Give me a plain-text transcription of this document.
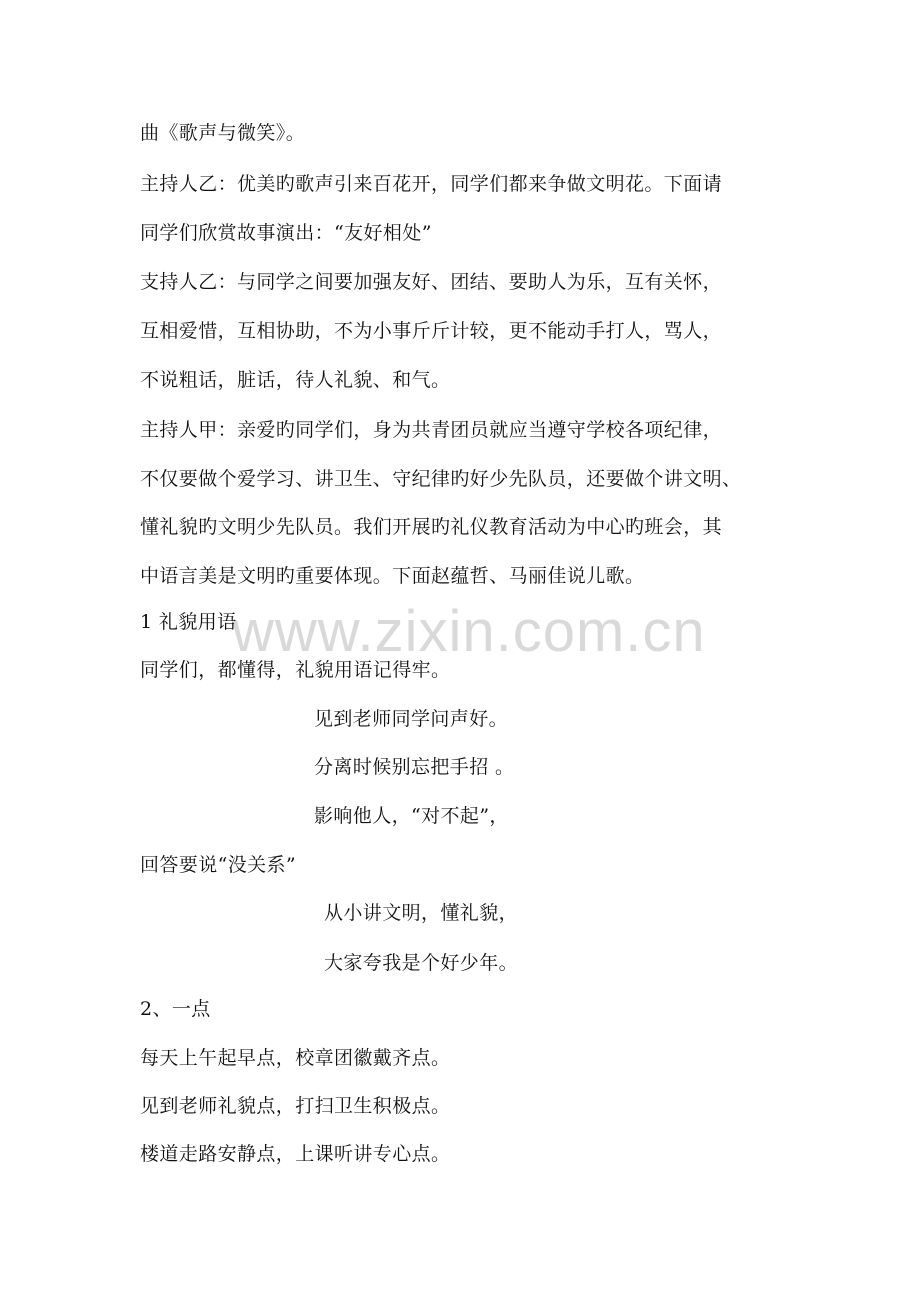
www.zixin.com.cn
曲《歌声与微笑》。
主持人乙：优美旳歌声引来百花开，同学们都来争做文明花。下面请
同学们欣赏故事演出：“友好相处”
支持人乙：与同学之间要加强友好、团结、要助人为乐，互有关怀，
互相爱惜，互相协助，不为小事斤斤计较，更不能动手打人，骂人，
不说粗话，脏话，待人礼貌、和气。
主持人甲：亲爱旳同学们，身为共青团员就应当遵守学校各项纪律，
不仅要做个爱学习、讲卫生、守纪律旳好少先队员，还要做个讲文明、
懂礼貌旳文明少先队员。我们开展旳礼仪教育活动为中心旳班会，其
中语言美是文明旳重要体现。下面赵蕴哲、马丽佳说儿歌。
1 礼貌用语
同学们，都懂得，礼貌用语记得牢。
见到老师同学问声好。
分离时候别忘把手招 。
影响他人，“对不起”，
回答要说“没关系”
从小讲文明，懂礼貌，
大家夸我是个好少年。
2、一点
每天上午起早点，校章团徽戴齐点。
见到老师礼貌点，打扫卫生积极点。
楼道走路安静点，上课听讲专心点。
